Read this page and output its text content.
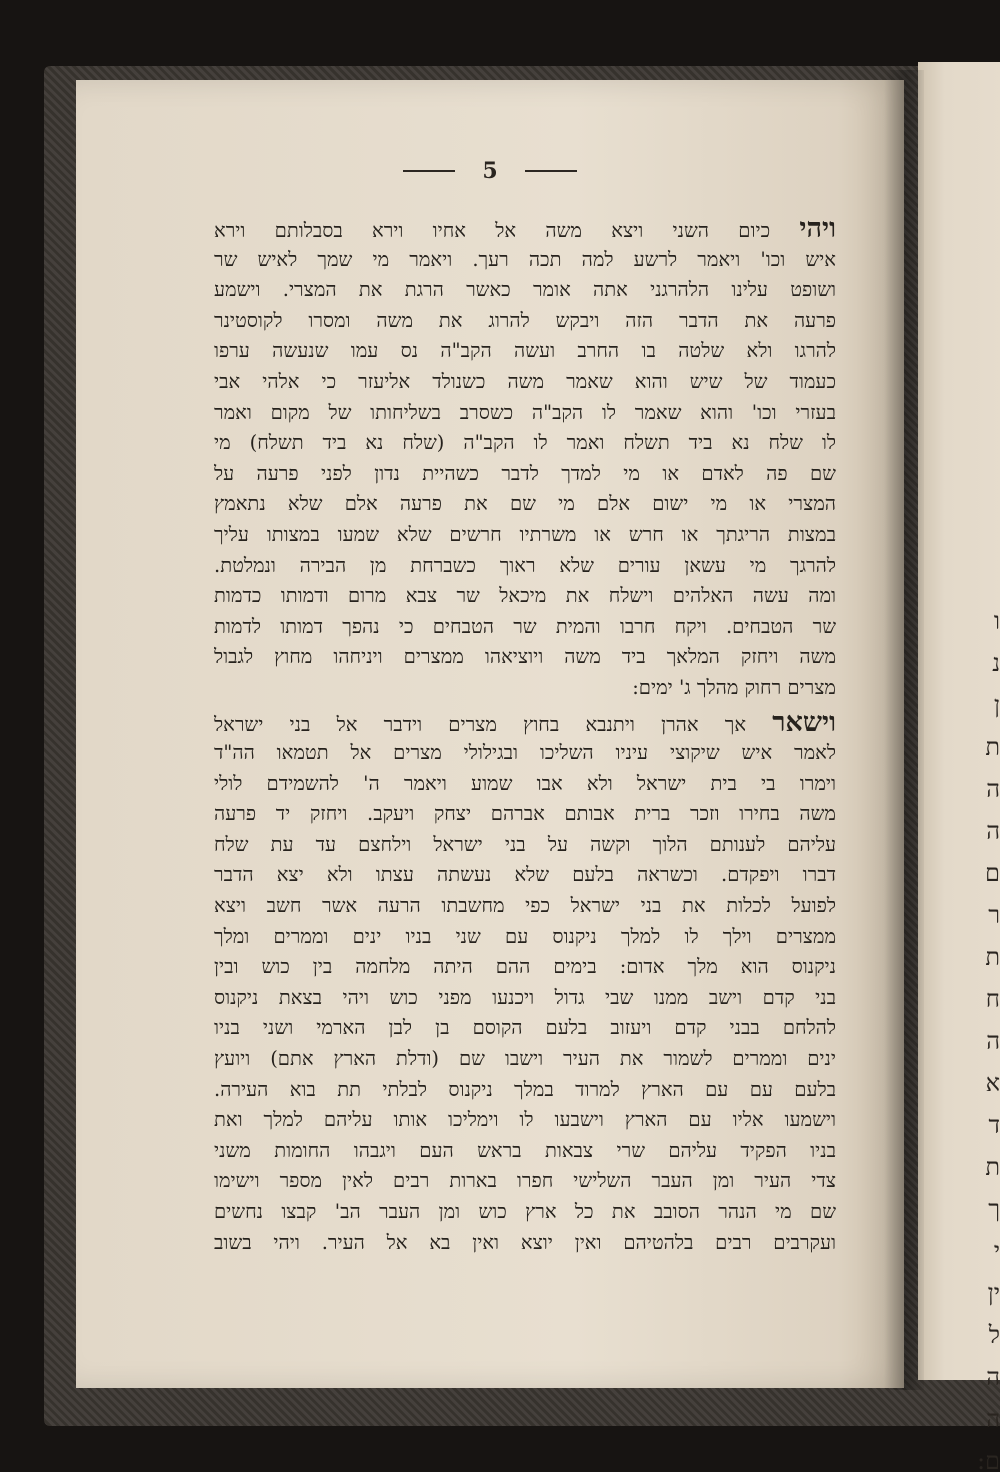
ו
נ
ן
ת
ה
ה
ם
ר
ת
ח
ה
א
ד
ת
ך
י
ין
ל
ה
ה
ם:
5
ויהי כיום השני ויצא משה אל אחיו וירא בסבלותם וירא
איש וכו' ויאמר לרשע למה תכה רעך. ויאמר מי שמך לאיש שר
ושופט עלינו הלהרגני אתה אומר כאשר הרגת את המצרי. וישמע
פרעה את הדבר הזה ויבקש להרוג את משה ומסרו לקוסטינר
להרגו ולא שלטה בו החרב ועשה הקב"ה נס עמו שנעשה ערפו
כעמוד של שיש והוא שאמר משה כשנולד אליעזר כי אלהי אבי
בעזרי וכו' והוא שאמר לו הקב"ה כשסרב בשליחותו של מקום ואמר
לו שלח נא ביד תשלח ואמר לו הקב"ה (שלח נא ביד תשלח) מי
שם פה לאדם או מי למדך לדבר כשהיית נדון לפני פרעה על
המצרי או מי ישום אלם מי שם את פרעה אלם שלא נתאמץ
במצות הריגתך או חרש או משרתיו חרשים שלא שמעו במצותו עליך
להרגך מי עשאן עורים שלא ראוך כשברחת מן הבירה ונמלטת.
ומה עשה האלהים וישלח את מיכאל שר צבא מרום ודמותו כדמות
שר הטבחים. ויקח חרבו והמית שר הטבחים כי נהפך דמותו לדמות
משה ויחזק המלאך ביד משה ויוציאהו ממצרים ויניחהו מחוץ לגבול
מצרים רחוק מהלך ג' ימים:
וישאר אך אהרן ויתנבא בחוץ מצרים וידבר אל בני ישראל
לאמר איש שיקוצי עיניו השליכו ובגילולי מצרים אל תטמאו הה"ד
וימרו בי בית ישראל ולא אבו שמוע ויאמר ה' להשמידם לולי
משה בחירו וזכר ברית אבותם אברהם יצחק ויעקב. ויחזק יד פרעה
עליהם לענותם הלוך וקשה על בני ישראל וילחצם עד עת שלח
דברו ויפקדם. וכשראה בלעם שלא נעשתה עצתו ולא יצא הדבר
לפועל לכלות את בני ישראל כפי מחשבתו הרעה אשר חשב ויצא
ממצרים וילך לו למלך ניקנוס עם שני בניו ינים וממרים ומלך
ניקנוס הוא מלך אדום: בימים ההם היתה מלחמה בין כוש ובין
בני קדם וישב ממנו שבי גדול ויכנעו מפני כוש ויהי בצאת ניקנוס
להלחם בבני קדם ויעזוב בלעם הקוסם בן לבן הארמי ושני בניו
ינים וממרים לשמור את העיר וישבו שם (ודלת הארץ אתם) ויועץ
בלעם עם עם הארץ למרוד במלך ניקנוס לבלתי תת בוא העירה.
וישמעו אליו עם הארץ וישבעו לו וימליכו אותו עליהם למלך ואת
בניו הפקיד עליהם שרי צבאות בראש העם ויגבהו החומות משני
צדי העיר ומן העבר השלישי חפרו בארות רבים לאין מספר וישימו
שם מי הנהר הסובב את כל ארץ כוש ומן העבר הב' קבצו נחשים
ועקרבים רבים בלהטיהם ואין יוצא ואין בא אל העיר. ויהי בשוב
